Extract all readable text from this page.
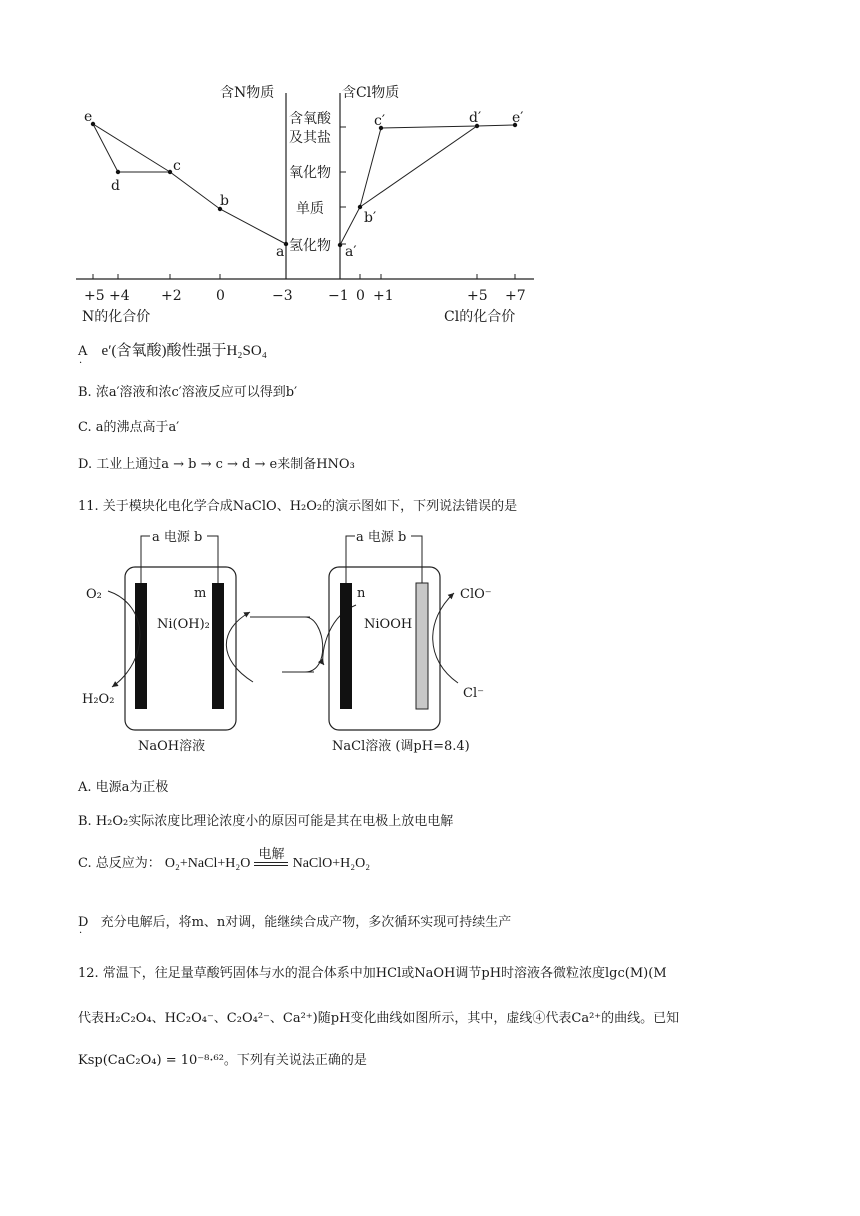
含N物质	含Cl物质
含氧酸
及其盐
氧化物
单质
氢化物
e
d
c
b
a	a′
b′
c′	d′ e′
+5 +4 +2 0	−3	−1 0 +1	+5 +7
N的化合价	Cl的化合价
A e′(含氧酸)酸性强于H₂SO₄
·
B. 浓a′溶液和浓c′溶液反应可以得到b′
C. a的沸点高于a′
D. 工业上通过a → b → c → d → e来制备HNO₃
11. 关于模块化电化学合成NaClO、H₂O₂的演示图如下，下列说法错误的是
a 电源 b
m
Ni(OH)₂
O₂
H₂O₂
NaOH溶液
a 电源 b
n
NiOOH
ClO⁻
Cl⁻
NaCl溶液 (调pH=8.4)
A. 电源a为正极
B. H₂O₂实际浓度比理论浓度小的原因可能是其在电极上放电电解
C. 总反应为： O₂+NaCl+H₂O
电解
NaClO+H₂O₂
D 充分电解后，将m、n对调，能继续合成产物，多次循环实现可持续生产
·
12. 常温下，往足量草酸钙固体与水的混合体系中加HCl或NaOH调节pH时溶液各微粒浓度lgc(M)(M
代表H₂C₂O₄、HC₂O₄⁻、C₂O₄²⁻、Ca²⁺)随pH变化曲线如图所示，其中，虚线④代表Ca²⁺的曲线。已知
Ksp(CaC₂O₄) = 10⁻⁸·⁶²。下列有关说法正确的是
